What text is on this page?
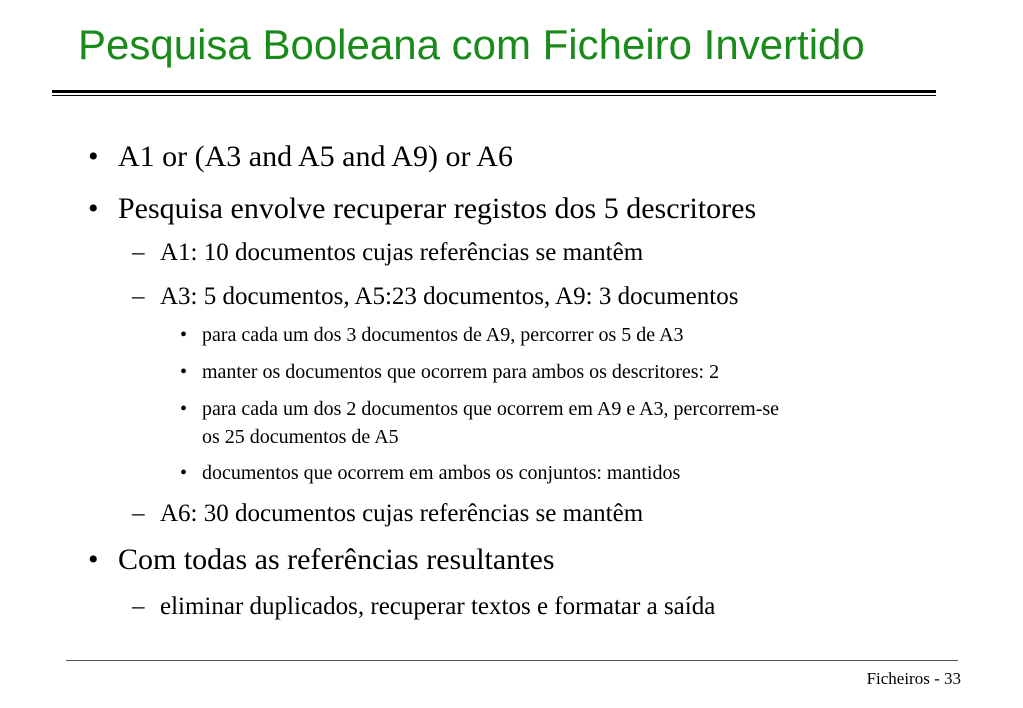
Pesquisa Booleana com Ficheiro Invertido
• A1 or (A3 and A5 and A9) or A6
• Pesquisa envolve recuperar registos dos 5 descritores
– A1: 10 documentos cujas referências se mantêm
– A3: 5 documentos, A5:23 documentos, A9: 3 documentos
• para cada um dos 3 documentos de A9, percorrer os 5 de A3
• manter os documentos que ocorrem para ambos os descritores: 2
• para cada um dos 2 documentos que ocorrem em A9 e A3, percorrem-se
os 25 documentos de A5
• documentos que ocorrem em ambos os conjuntos: mantidos
– A6: 30 documentos cujas referências se mantêm
• Com todas as referências resultantes
– eliminar duplicados, recuperar textos e formatar a saída
Ficheiros - 33
